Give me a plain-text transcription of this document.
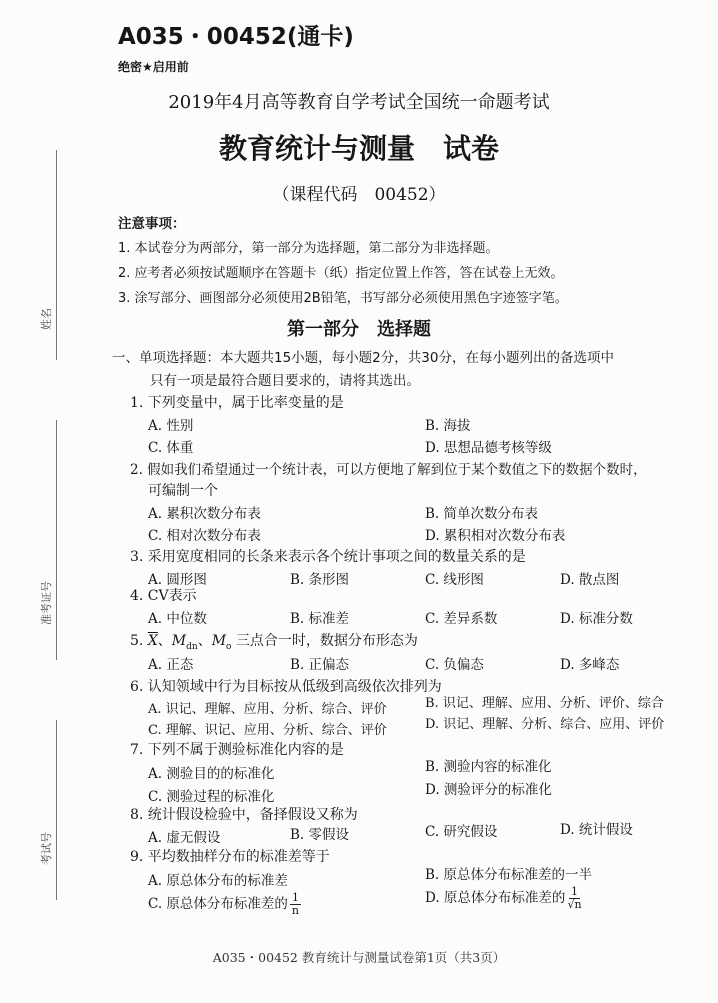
姓名
准考证号
考试号
A035・00452(通卡)
绝密★启用前
2019年4月高等教育自学考试全国统一命题考试
教育统计与测量　试卷
（课程代码　00452）
注意事项：
1. 本试卷分为两部分，第一部分为选择题，第二部分为非选择题。
2. 应考者必须按试题顺序在答题卡（纸）指定位置上作答，答在试卷上无效。
3. 涂写部分、画图部分必须使用2B铅笔，书写部分必须使用黑色字迹签字笔。
第一部分　选择题
一、单项选择题：本大题共15小题，每小题2分，共30分，在每小题列出的备选项中
只有一项是最符合题目要求的，请将其选出。
1. 下列变量中，属于比率变量的是
A. 性别	B. 海拔
C. 体重	D. 思想品德考核等级
2. 假如我们希望通过一个统计表，可以方便地了解到位于某个数值之下的数据个数时，
可编制一个
A. 累积次数分布表	B. 简单次数分布表
C. 相对次数分布表	D. 累积相对次数分布表
3. 采用宽度相同的长条来表示各个统计事项之间的数量关系的是
A. 圆形图	B. 条形图	C. 线形图	D. 散点图
4. CV表示
A. 中位数	B. 标准差	C. 差异系数	D. 标准分数
5. $\overline{X}$、$M_{dn}$、$M_o$ 三点合一时，数据分布形态为
A. 正态	B. 正偏态	C. 负偏态	D. 多峰态
6. 认知领域中行为目标按从低级到高级依次排列为
A. 识记、理解、应用、分析、综合、评价	B. 识记、理解、应用、分析、评价、综合
C. 理解、识记、应用、分析、综合、评价	D. 识记、理解、分析、综合、应用、评价
7. 下列不属于测验标准化内容的是
A. 测验目的的标准化	B. 测验内容的标准化
C. 测验过程的标准化	D. 测验评分的标准化
8. 统计假设检验中，备择假设又称为
A. 虚无假设	B. 零假设	C. 研究假设	D. 统计假设
9. 平均数抽样分布的标准差等于
A. 原总体分布的标准差	B. 原总体分布标准差的一半
C. 原总体分布标准差的 $\frac{1}{n}$	D. 原总体分布标准差的 $\frac{1}{√n}$
A035・00452 教育统计与测量试卷第1页（共3页）
